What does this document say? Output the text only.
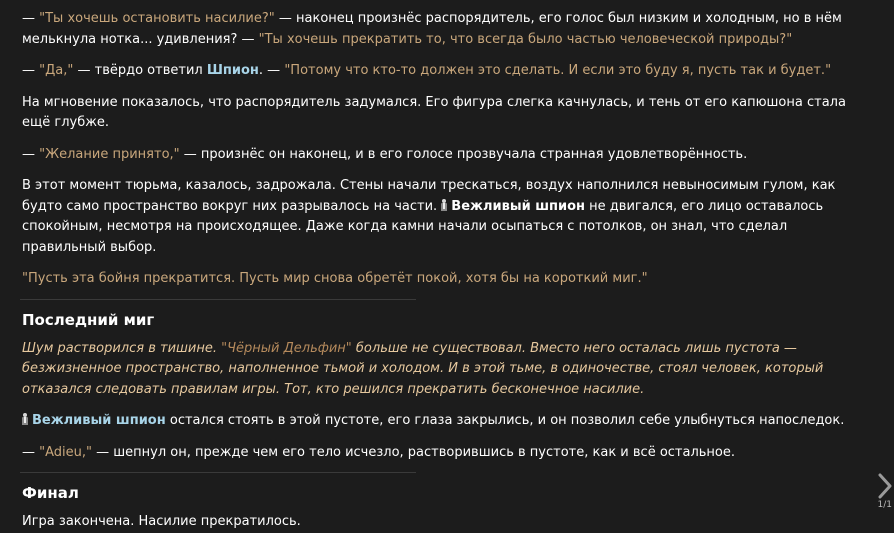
— "Ты хочешь остановить насилие?" — наконец произнёс распорядитель, его голос был низким и холодным, но в нём мелькнула нотка... удивления? — "Ты хочешь прекратить то, что всегда было частью человеческой природы?"

— "Да," — твёрдо ответил Шпион. — "Потому что кто-то должен это сделать. И если это буду я, пусть так и будет."

На мгновение показалось, что распорядитель задумался. Его фигура слегка качнулась, и тень от его капюшона стала ещё глубже.

— "Желание принято," — произнёс он наконец, и в его голосе прозвучала странная удовлетворённость.

В этот момент тюрьма, казалось, задрожала. Стены начали трескаться, воздух наполнился невыносимым гулом, как будто само пространство вокруг них разрывалось на части.
Вежливый шпион не двигался, его лицо оставалось спокойным, несмотря на происходящее. Даже когда камни начали осыпаться с потолков, он знал, что сделал правильный выбор.

"Пусть эта бойня прекратится. Пусть мир снова обретёт покой, хотя бы на короткий миг."

Последний миг

Шум растворился в тишине. "Чёрный Дельфин" больше не существовал. Вместо него осталась лишь пустота — безжизненное пространство, наполненное тьмой и холодом. И в этой тьме, в одиночестве, стоял человек, который отказался следовать правилам игры. Тот, кто решился прекратить бесконечное насилие.

Вежливый шпион остался стоять в этой пустоте, его глаза закрылись, и он позволил себе улыбнуться напоследок.

— "Adieu," — шепнул он, прежде чем его тело исчезло, растворившись в пустоте, как и всё остальное.

Финал

Игра закончена. Насилие прекратилось.

1/1
